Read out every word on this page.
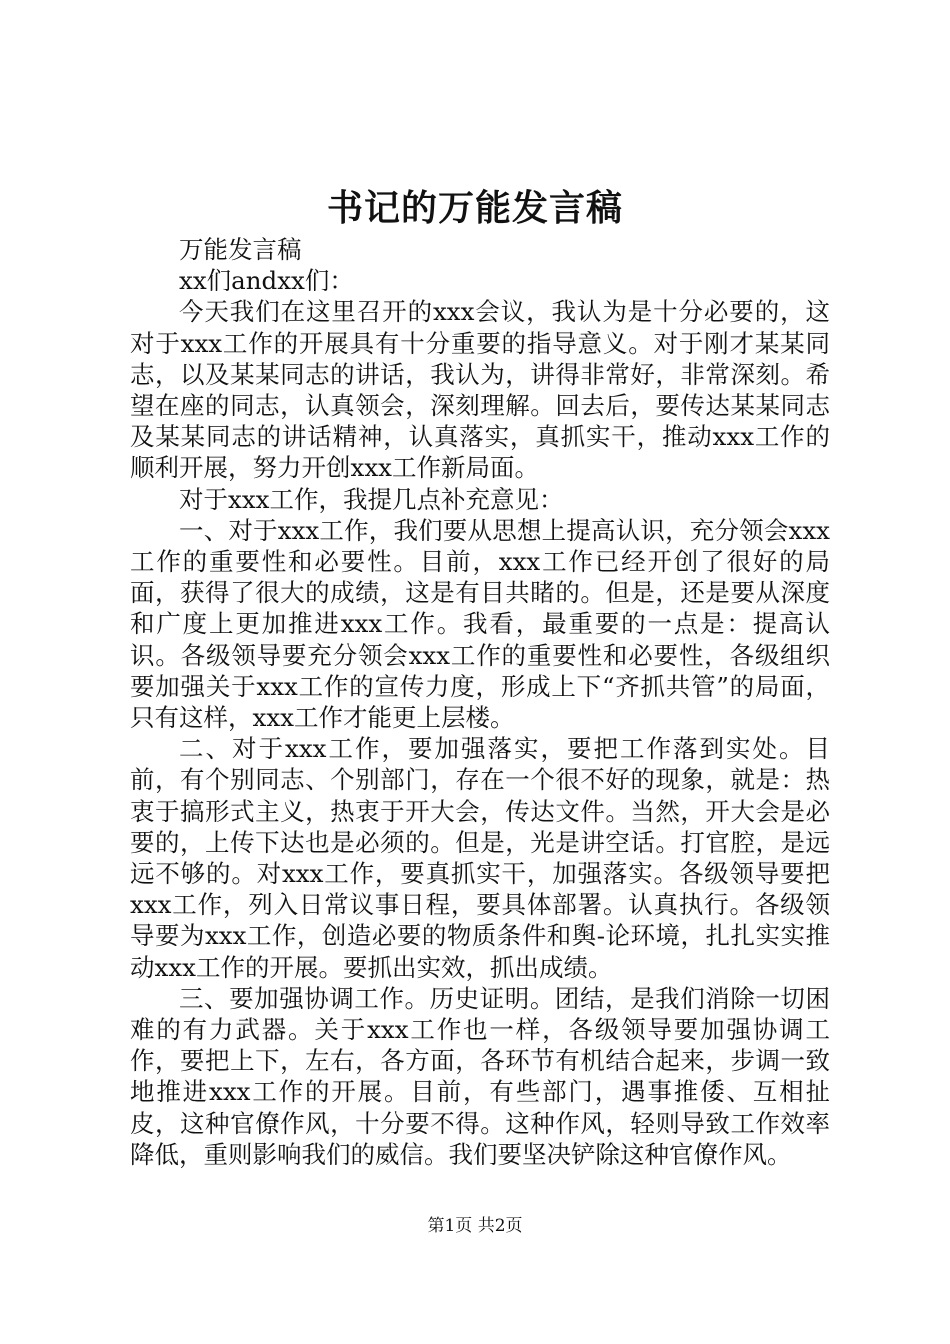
书记的万能发言稿

万能发言稿

xx们andxx们：

今天我们在这里召开的xxx会议，我认为是十分必要的，这对于xxx工作的开展具有十分重要的指导意义。对于刚才某某同志，以及某某同志的讲话，我认为，讲得非常好，非常深刻。希望在座的同志，认真领会，深刻理解。回去后，要传达某某同志及某某同志的讲话精神，认真落实，真抓实干，推动xxx工作的顺利开展，努力开创xxx工作新局面。

对于xxx工作，我提几点补充意见：

一、对于xxx工作，我们要从思想上提高认识，充分领会xxx工作的重要性和必要性。目前，xxx工作已经开创了很好的局面，获得了很大的成绩，这是有目共睹的。但是，还是要从深度和广度上更加推进xxx工作。我看，最重要的一点是：提高认识。各级领导要充分领会xxx工作的重要性和必要性，各级组织要加强关于xxx工作的宣传力度，形成上下“齐抓共管”的局面，只有这样，xxx工作才能更上层楼。

二、对于xxx工作，要加强落实，要把工作落到实处。目前，有个别同志、个别部门，存在一个很不好的现象，就是：热衷于搞形式主义，热衷于开大会，传达文件。当然，开大会是必要的，上传下达也是必须的。但是，光是讲空话。打官腔，是远远不够的。对xxx工作，要真抓实干，加强落实。各级领导要把xxx工作，列入日常议事日程，要具体部署。认真执行。各级领导要为xxx工作，创造必要的物质条件和舆-论环境，扎扎实实推动xxx工作的开展。要抓出实效，抓出成绩。

三、要加强协调工作。历史证明。团结，是我们消除一切困难的有力武器。关于xxx工作也一样，各级领导要加强协调工作，要把上下，左右，各方面，各环节有机结合起来，步调一致地推进xxx工作的开展。目前，有些部门，遇事推倭、互相扯皮，这种官僚作风，十分要不得。这种作风，轻则导致工作效率降低，重则影响我们的威信。我们要坚决铲除这种官僚作风。

第1页 共2页
